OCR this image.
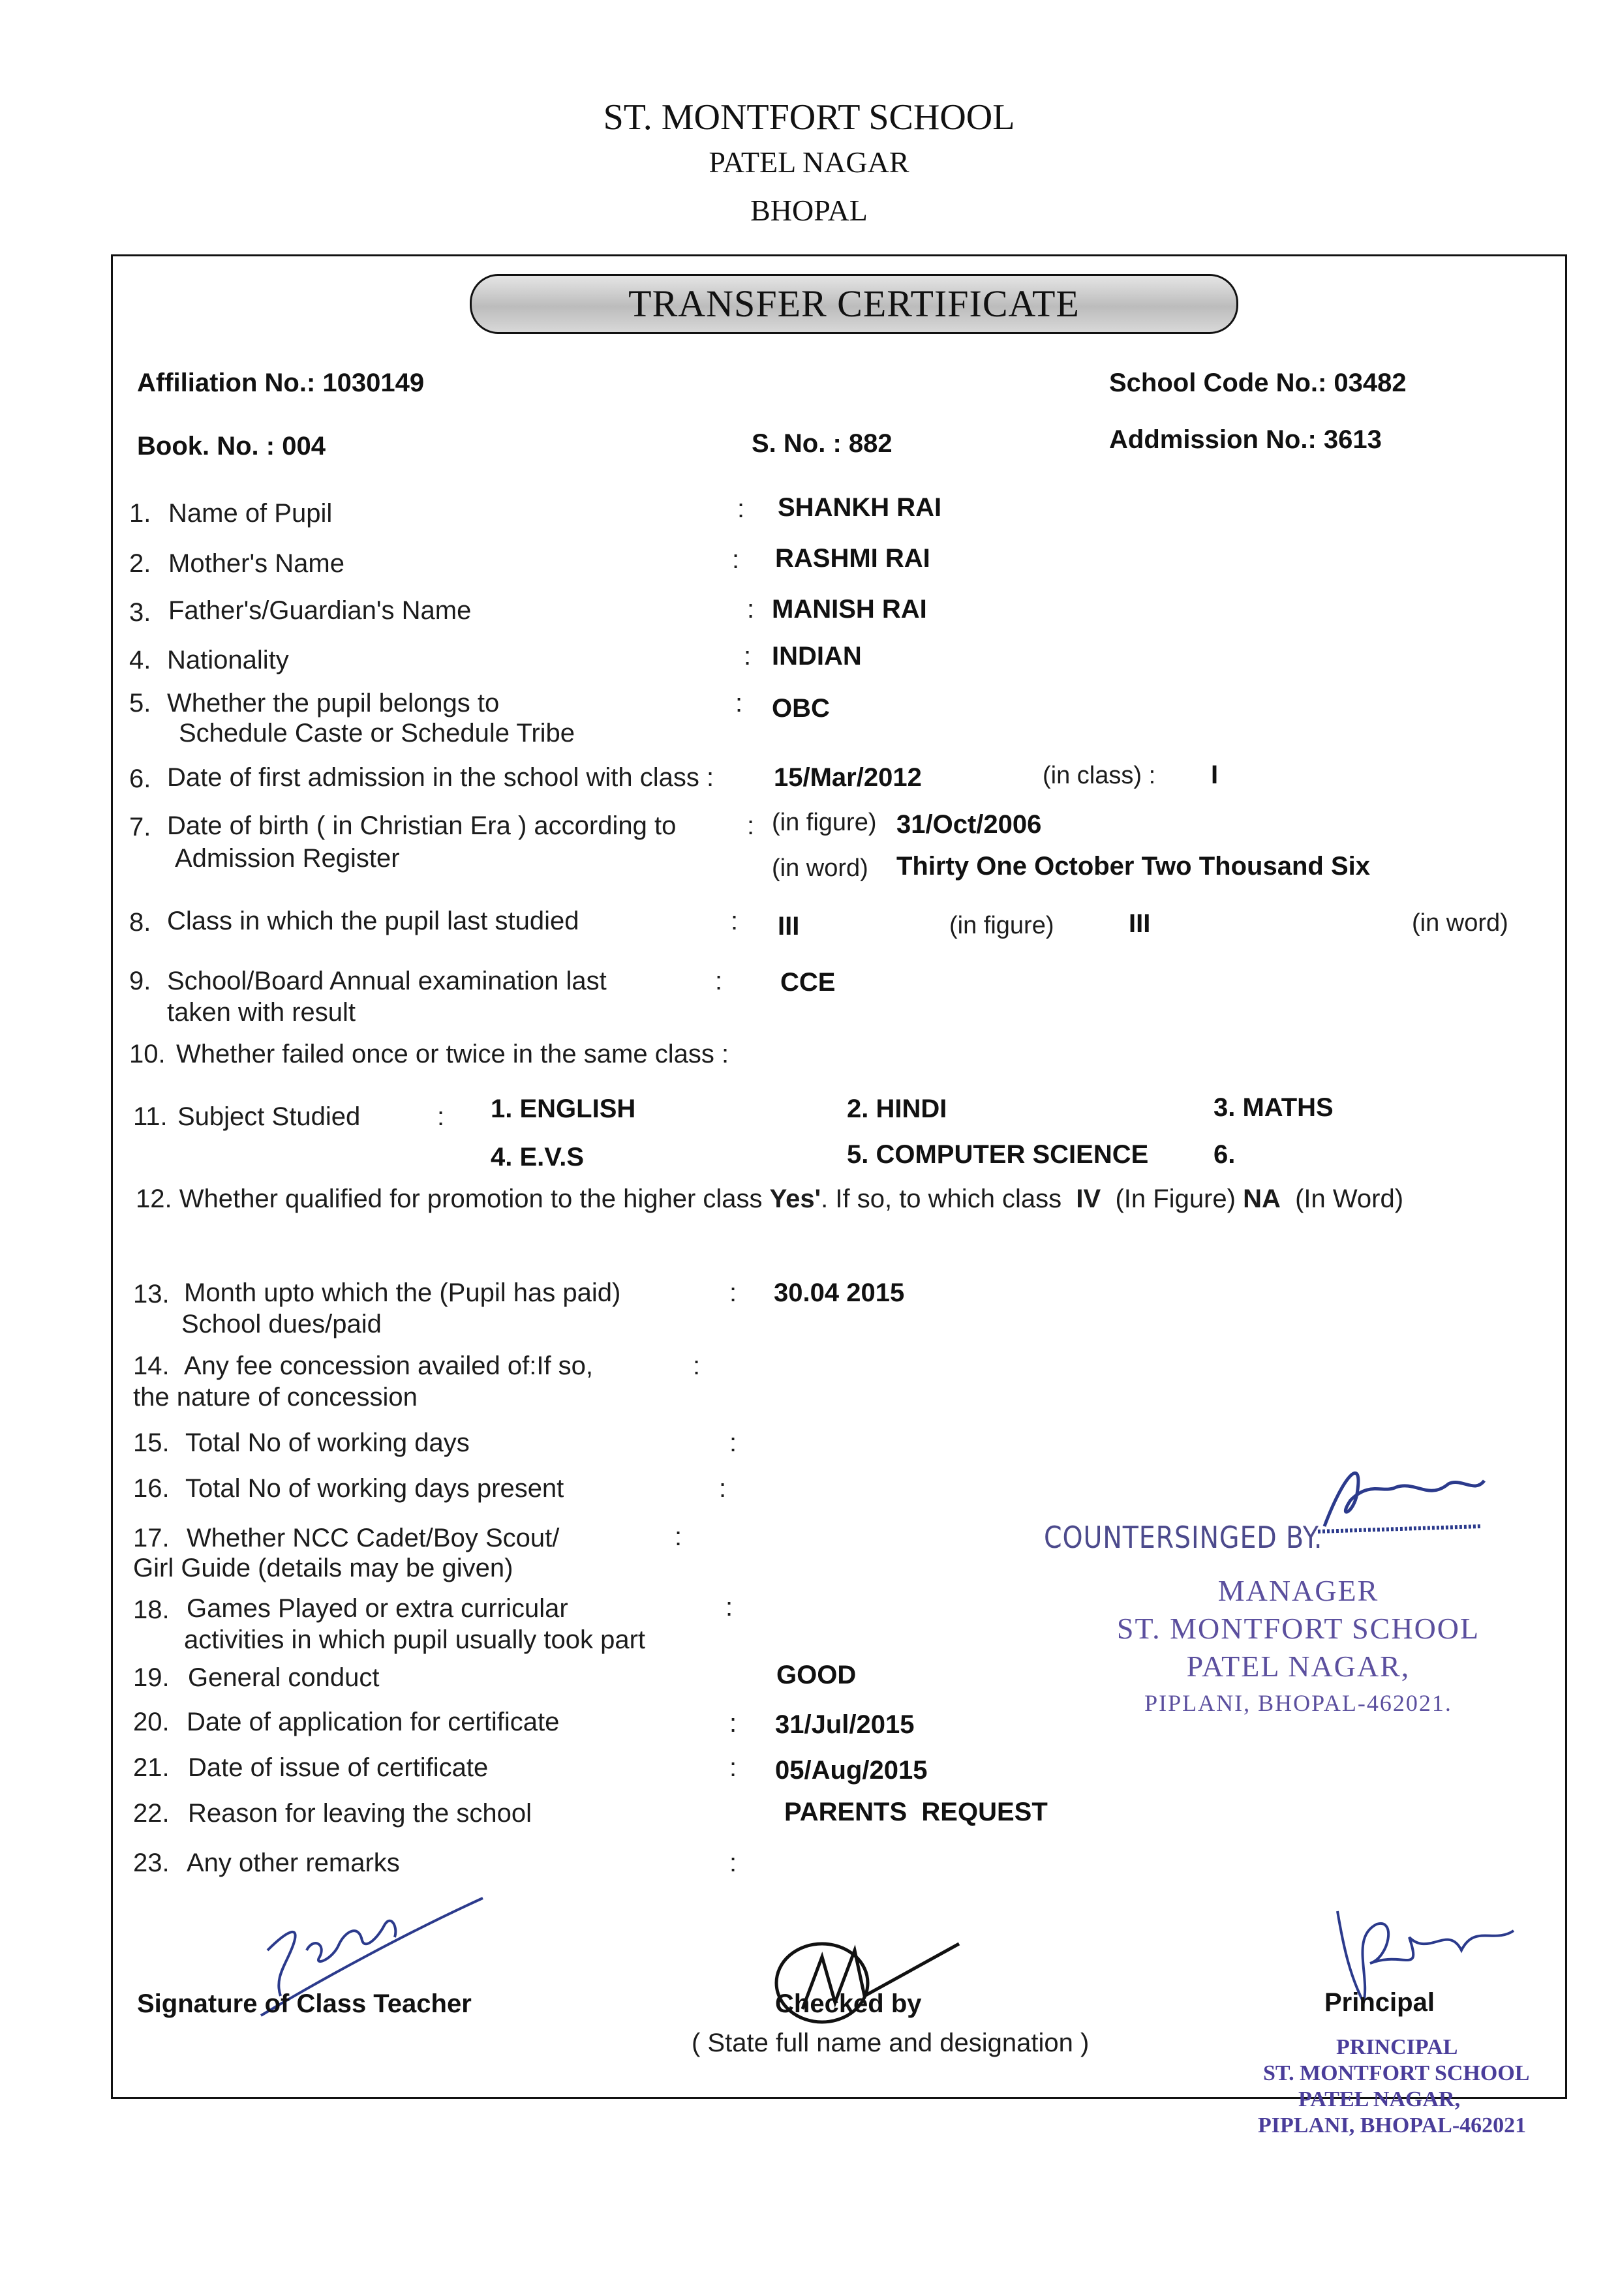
ST. MONTFORT SCHOOL
PATEL NAGAR
BHOPAL
TRANSFER CERTIFICATE
Affiliation No.: 1030149	School Code No.: 03482
Book. No. : 004	S. No. : 882	Addmission No.: 3613
1. Name of Pupil	: SHANKH RAI
2. Mother's Name	: RASHMI RAI
3. Father's/Guardian's Name	: MANISH RAI
4. Nationality	: INDIAN
5. Whether the pupil belongs to
Schedule Caste or Schedule Tribe
: OBC
6. Date of first admission in the school with class : 15/Mar/2012	(in class) : I
7. Date of birth ( in Christian Era ) according to
Admission Register
: (in figure) 31/Oct/2006
(in word) Thirty One October Two Thousand Six
8. Class in which the pupil last studied	: III	(in figure)	III	(in word)
9. School/Board Annual examination last
taken with result
: CCE
10. Whether failed once or twice in the same class :
11. Subject Studied	: 1. ENGLISH	2. HINDI	3. MATHS
4. E.V.S	5. COMPUTER SCIENCE 6.
12. Whether qualified for promotion to the higher class Yes'. If so, to which class IV (In Figure) NA (In Word)
13. Month upto which the (Pupil has paid)
School dues/paid
: 30.04 2015
14. Any fee concession availed of:If so,
the nature of concession
:
15. Total No of working days	:
16. Total No of working days present	:
17. Whether NCC Cadet/Boy Scout/
Girl Guide (details may be given)
:
18. Games Played or extra curricular
activities in which pupil usually took part
:
19. General conduct	GOOD
20. Date of application for certificate	: 31/Jul/2015
21. Date of issue of certificate	: 05/Aug/2015
22. Reason for leaving the school	PARENTS  REQUEST
23. Any other remarks	:
COUNTERSINGED BY.
MANAGER
ST. MONTFORT SCHOOL
PATEL NAGAR,
PIPLANI, BHOPAL-462021.
Signature of Class Teacher	Checked by
( State full name and designation )
Principal
PRINCIPAL
ST. MONTFORT SCHOOL
PATEL NAGAR,
PIPLANI, BHOPAL-462021
